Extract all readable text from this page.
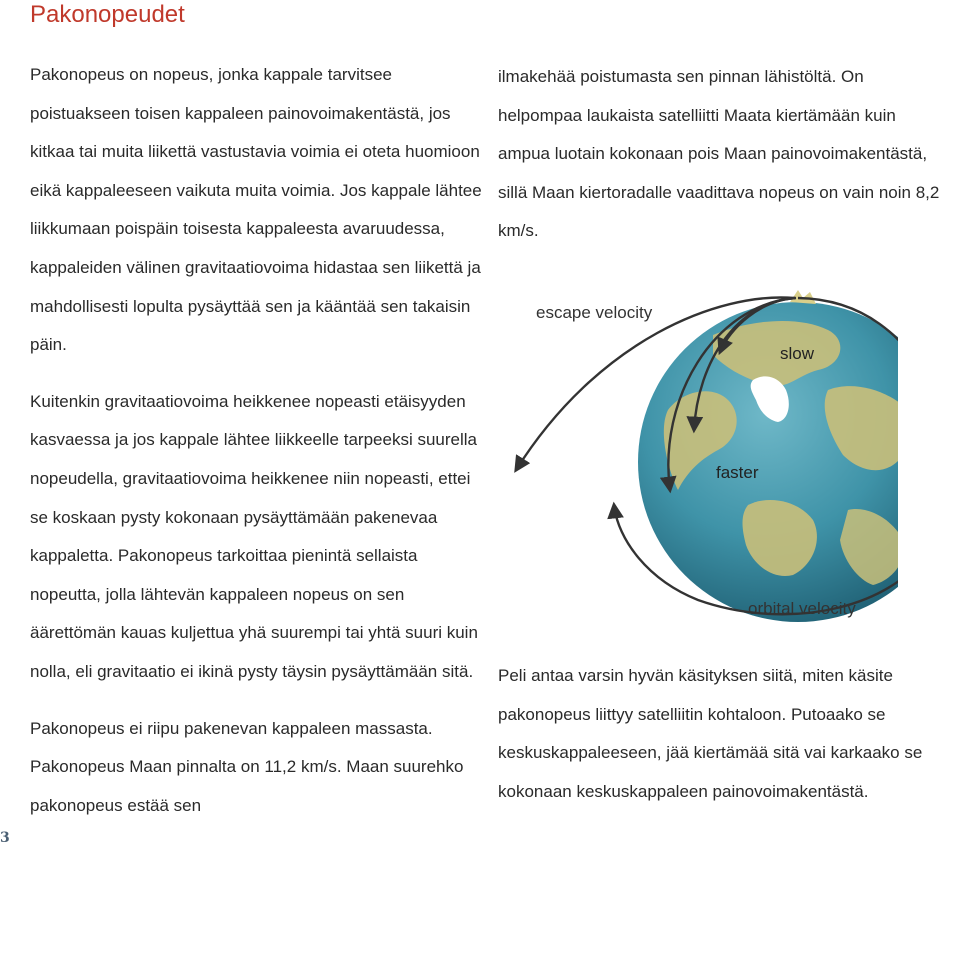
Pakonopeudet

Pakonopeus on nopeus, jonka kappale tarvitsee poistuakseen toisen kappaleen painovoimakentästä, jos kitkaa tai muita liikettä vastustavia voimia ei oteta huomioon eikä kappaleeseen vaikuta muita voimia. Jos kappale lähtee liikkumaan poispäin toisesta kappaleesta avaruudessa, kappaleiden välinen gravitaatiovoima hidastaa sen liikettä ja mahdollisesti lopulta pysäyttää sen ja kääntää sen takaisin päin.

Kuitenkin gravitaatiovoima heikkenee nopeasti etäisyyden kasvaessa ja jos kappale lähtee liikkeelle tarpeeksi suurella nopeudella, gravitaatiovoima heikkenee niin nopeasti, ettei se koskaan pysty kokonaan pysäyttämään pakenevaa kappaletta. Pakonopeus tarkoittaa pienintä sellaista nopeutta, jolla lähtevän kappaleen nopeus on sen äärettömän kauas kuljettua yhä suurempi tai yhtä suuri kuin nolla, eli gravitaatio ei ikinä pysty täysin pysäyttämään sitä.

Pakonopeus ei riipu pakenevan kappaleen massasta. Pakonopeus Maan pinnalta on 11,2 km/s. Maan suurehko pakonopeus estää sen

ilmakehää poistumasta sen pinnan lähistöltä. On helpompaa laukaista satelliitti Maata kiertämään kuin ampua luotain kokonaan pois Maan painovoimakentästä, sillä Maan kiertoradalle vaadittava nopeus on vain noin 8,2 km/s.

escape velocity
slow
faster
orbital velocity

Peli antaa varsin hyvän käsityksen siitä, miten käsite pakonopeus liittyy satelliitin kohtaloon. Putoaako se keskuskappaleeseen, jää kiertämää sitä vai karkaako se kokonaan keskuskappaleen painovoimakentästä.

3
